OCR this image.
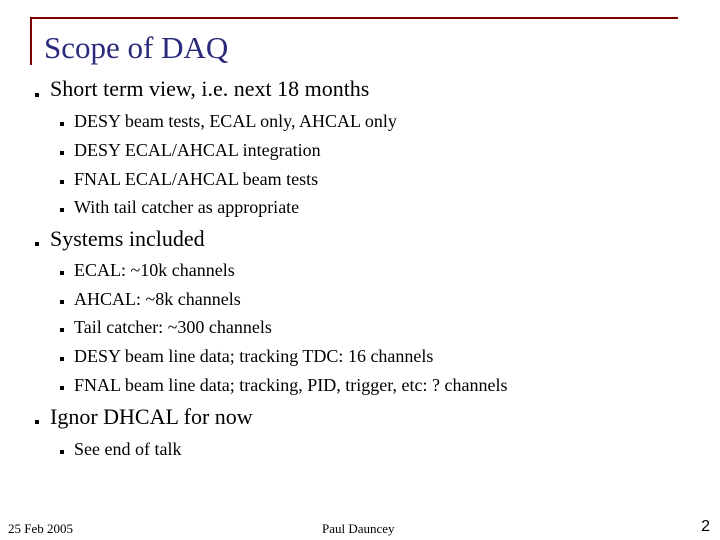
Scope of DAQ
Short term view, i.e. next 18 months
DESY beam tests, ECAL only, AHCAL only
DESY ECAL/AHCAL integration
FNAL ECAL/AHCAL beam tests
With tail catcher as appropriate
Systems included
ECAL: ~10k channels
AHCAL: ~8k channels
Tail catcher: ~300 channels
DESY beam line data; tracking TDC: 16 channels
FNAL beam line data; tracking, PID, trigger, etc: ? channels
Ignor DHCAL for now
See end of talk
25 Feb 2005	Paul Dauncey	2
